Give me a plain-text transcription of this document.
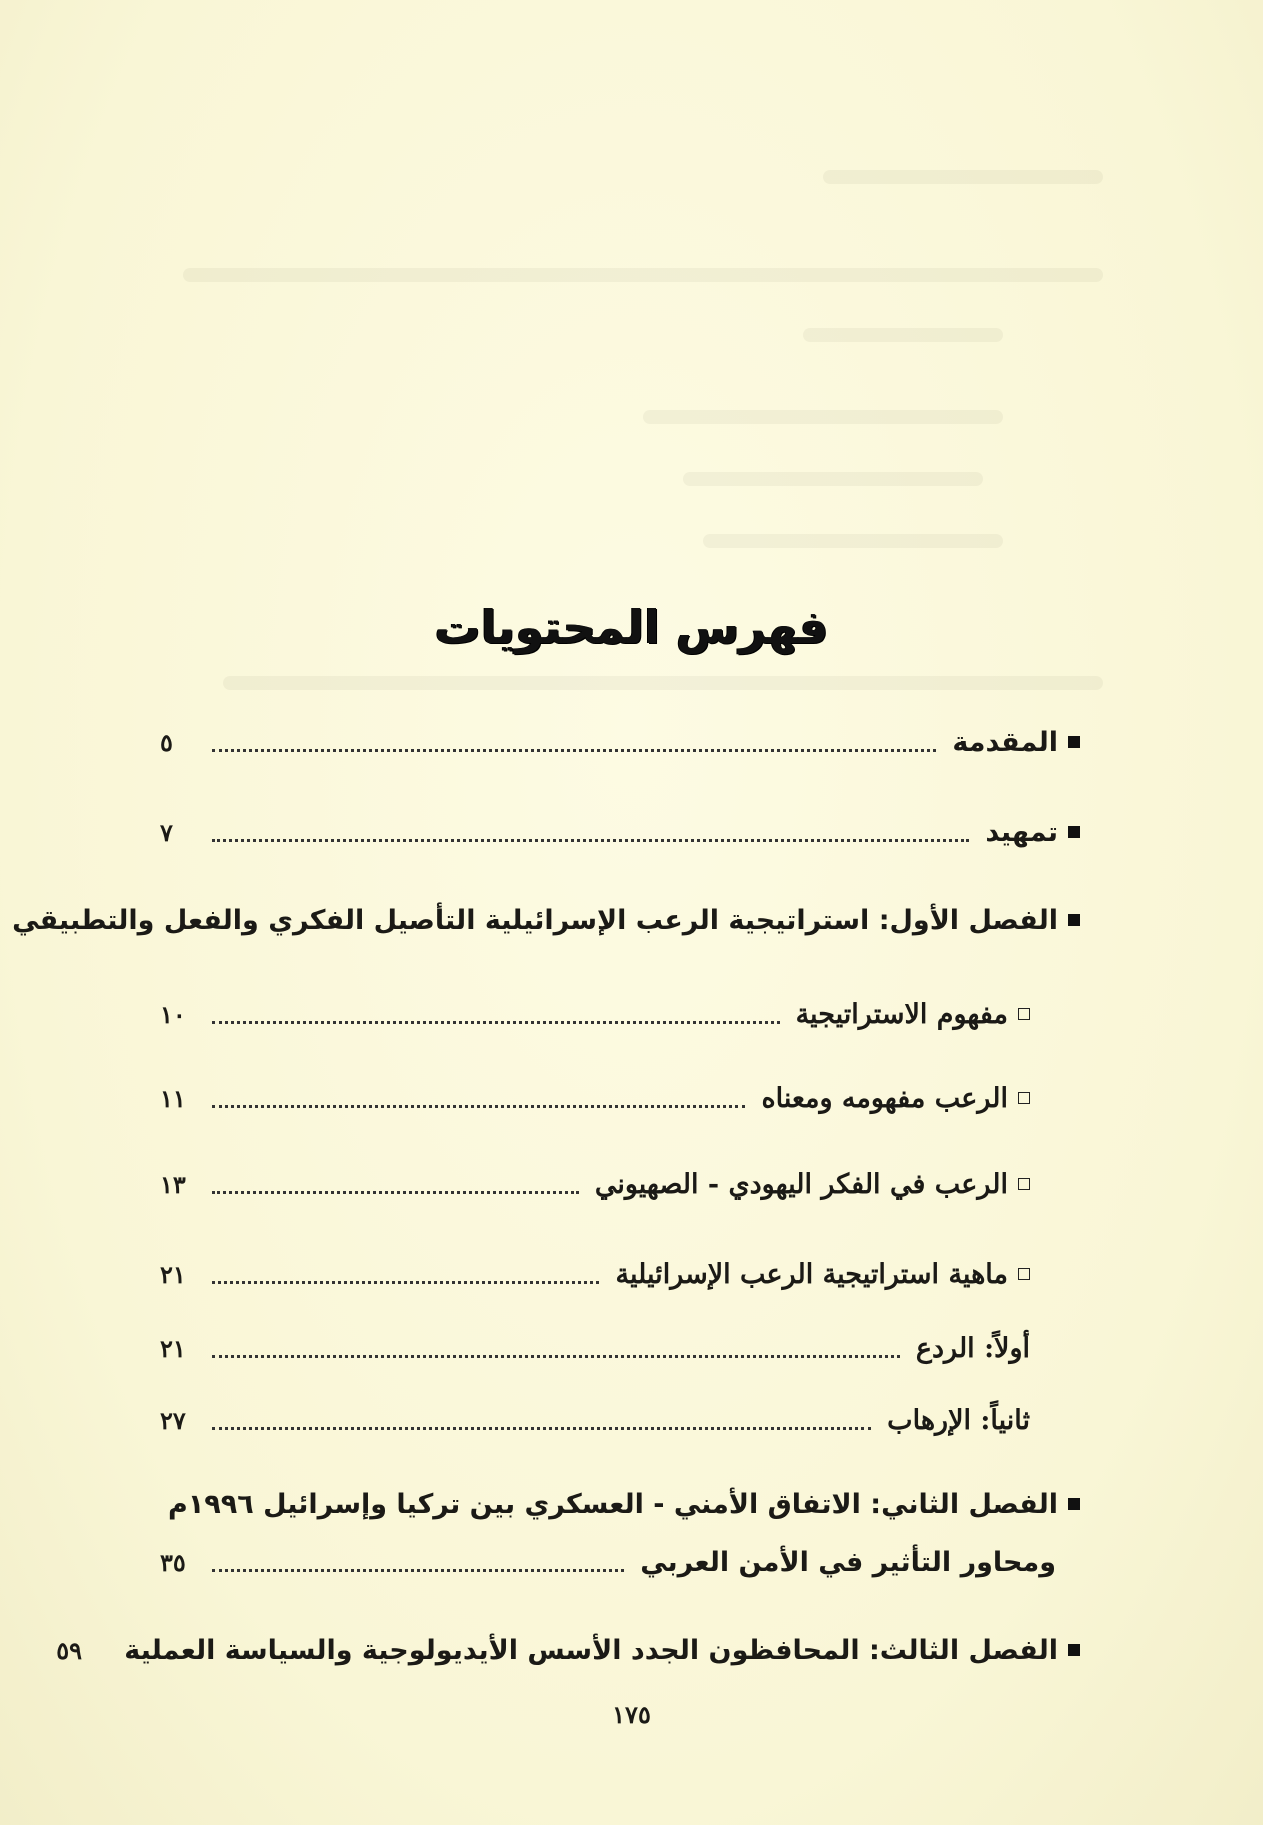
فهرس المحتويات
المقدمة
٥
تمهيد
٧
الفصل الأول: استراتيجية الرعب الإسرائيلية التأصيل الفكري والفعل والتطبيقي
مفهوم الاستراتيجية
١٠
الرعب مفهومه ومعناه
١١
الرعب في الفكر اليهودي - الصهيوني
١٣
ماهية استراتيجية الرعب الإسرائيلية
٢١
أولاً: الردع
٢١
ثانياً: الإرهاب
٢٧
الفصل الثاني: الاتفاق الأمني - العسكري بين تركيا وإسرائيل ١٩٩٦م
ومحاور التأثير في الأمن العربي
٣٥
الفصل الثالث: المحافظون الجدد الأسس الأيديولوجية والسياسة العملية
٥٩
١٧٥
